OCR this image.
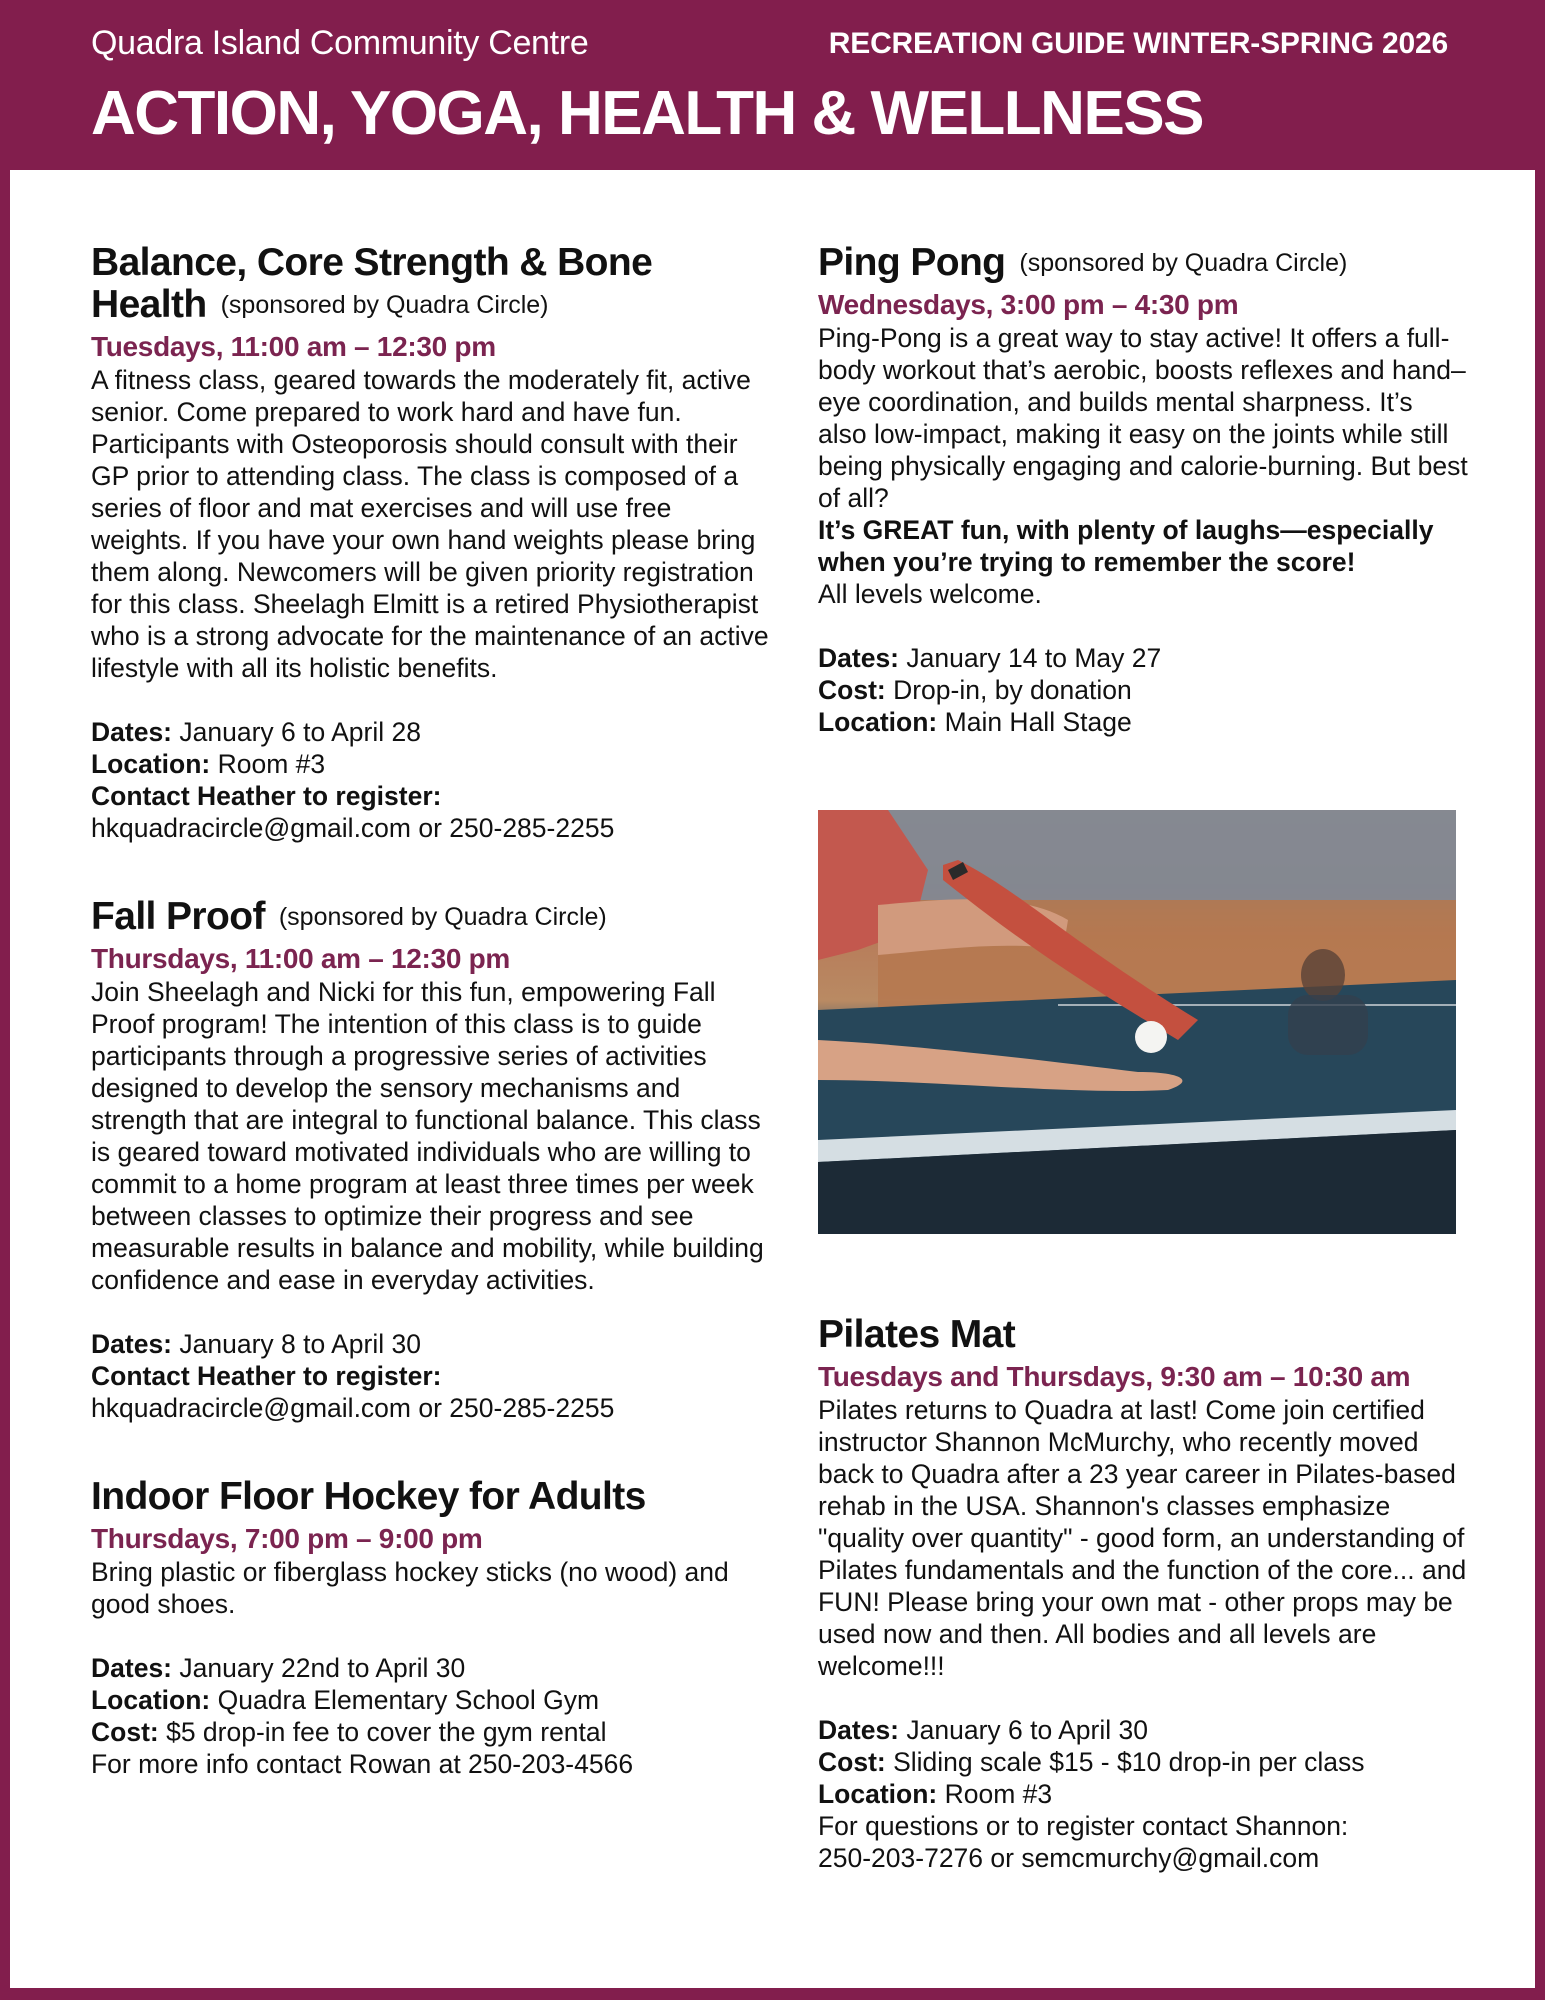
Quadra Island Community Centre	RECREATION GUIDE WINTER-SPRING 2026
ACTION, YOGA, HEALTH & WELLNESS
Balance, Core Strength & Bone Health (sponsored by Quadra Circle)
Tuesdays, 11:00 am – 12:30 pm
A fitness class, geared towards the moderately fit, active senior. Come prepared to work hard and have fun. Participants with Osteoporosis should consult with their GP prior to attending class. The class is composed of a series of floor and mat exercises and will use free weights. If you have your own hand weights please bring them along. Newcomers will be given priority registration for this class. Sheelagh Elmitt is a retired Physiotherapist who is a strong advocate for the maintenance of an active lifestyle with all its holistic benefits.
Dates: January 6 to April 28
Location: Room #3
Contact Heather to register:
hkquadracircle@gmail.com or 250-285-2255
Fall Proof (sponsored by Quadra Circle)
Thursdays, 11:00 am – 12:30 pm
Join Sheelagh and Nicki for this fun, empowering Fall Proof program! The intention of this class is to guide participants through a progressive series of activities designed to develop the sensory mechanisms and strength that are integral to functional balance. This class is geared toward motivated individuals who are willing to commit to a home program at least three times per week between classes to optimize their progress and see measurable results in balance and mobility, while building confidence and ease in everyday activities.
Dates: January 8 to April 30
Contact Heather to register:
hkquadracircle@gmail.com or 250-285-2255
Indoor Floor Hockey for Adults
Thursdays, 7:00 pm – 9:00 pm
Bring plastic or fiberglass hockey sticks (no wood) and good shoes.
Dates: January 22nd to April 30
Location: Quadra Elementary School Gym
Cost: $5 drop-in fee to cover the gym rental
For more info contact Rowan at 250-203-4566
Ping Pong (sponsored by Quadra Circle)
Wednesdays, 3:00 pm – 4:30 pm
Ping-Pong is a great way to stay active! It offers a full-body workout that’s aerobic, boosts reflexes and hand–eye coordination, and builds mental sharpness. It’s also low-impact, making it easy on the joints while still being physically engaging and calorie-burning. But best of all?
It’s GREAT fun, with plenty of laughs—especially when you’re trying to remember the score!
All levels welcome.
Dates: January 14 to May 27
Cost: Drop-in, by donation
Location: Main Hall Stage
Pilates Mat
Tuesdays and Thursdays, 9:30 am – 10:30 am
Pilates returns to Quadra at last! Come join certified instructor Shannon McMurchy, who recently moved back to Quadra after a 23 year career in Pilates-based rehab in the USA. Shannon's classes emphasize "quality over quantity" - good form, an understanding of Pilates fundamentals and the function of the core... and FUN! Please bring your own mat - other props may be used now and then. All bodies and all levels are welcome!!!
Dates: January 6 to April 30
Cost: Sliding scale $15 - $10 drop-in per class
Location: Room #3
For questions or to register contact Shannon:
250-203-7276 or semcmurchy@gmail.com
